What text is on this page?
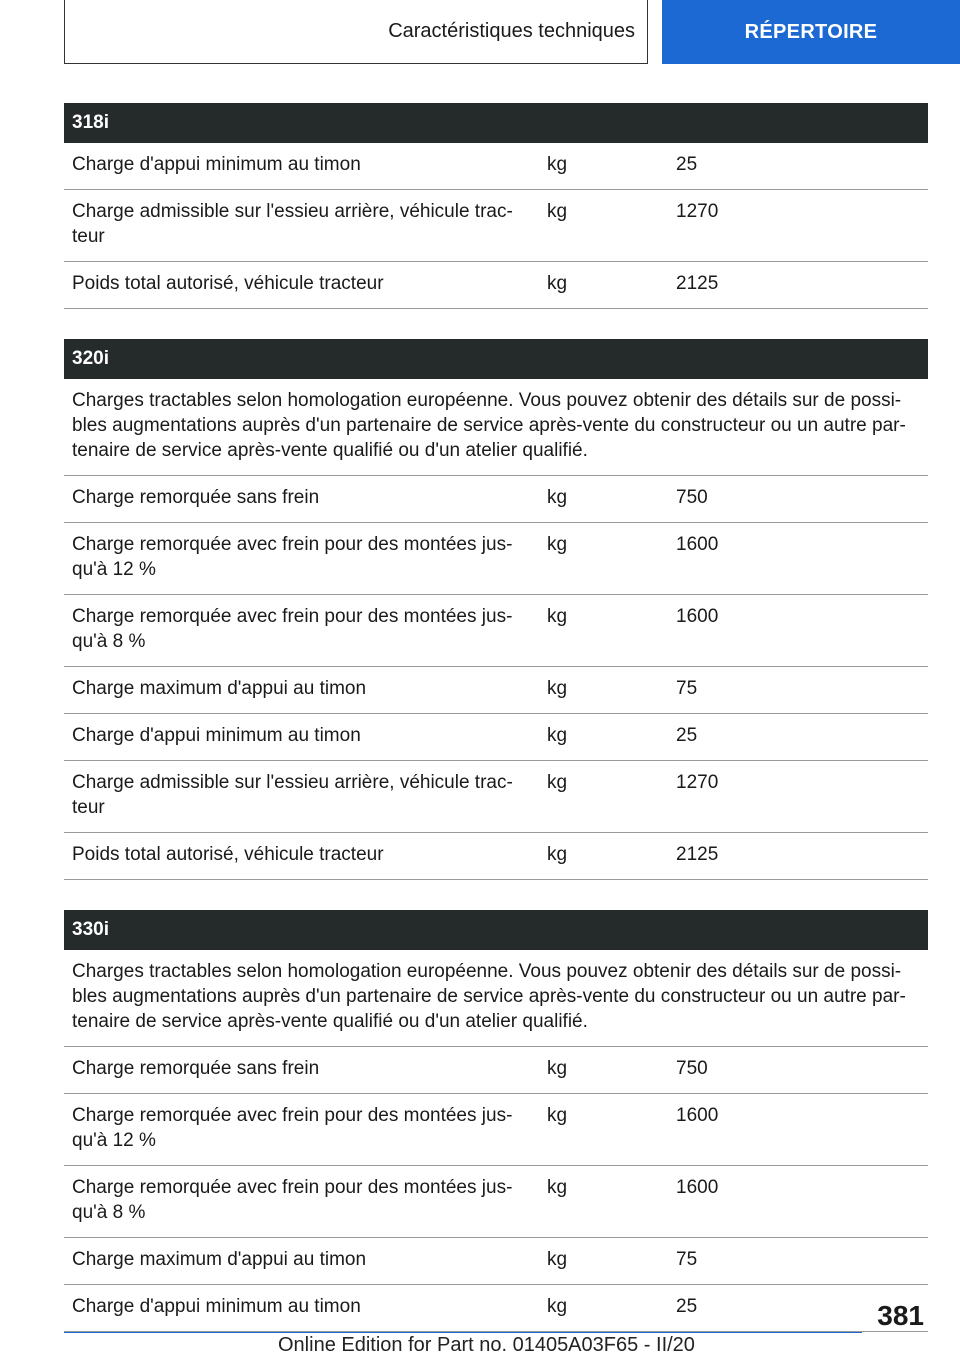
Caractéristiques techniques	RÉPERTOIRE
318i		
Charge d'appui minimum au timon	kg	25
Charge admissible sur l'essieu arrière, véhicule trac‐teur	kg	1270
Poids total autorisé, véhicule tracteur	kg	2125
320i		
Charges tractables selon homologation européenne. Vous pouvez obtenir des détails sur de possi‐bles augmentations auprès d'un partenaire de service après-vente du constructeur ou un autre par‐tenaire de service après-vente qualifié ou d'un atelier qualifié.		
Charge remorquée sans frein	kg	750
Charge remorquée avec frein pour des montées jus‐qu'à 12 %	kg	1600
Charge remorquée avec frein pour des montées jus‐qu'à 8 %	kg	1600
Charge maximum d'appui au timon	kg	75
Charge d'appui minimum au timon	kg	25
Charge admissible sur l'essieu arrière, véhicule trac‐teur	kg	1270
Poids total autorisé, véhicule tracteur	kg	2125
330i		
Charges tractables selon homologation européenne. Vous pouvez obtenir des détails sur de possi‐bles augmentations auprès d'un partenaire de service après-vente du constructeur ou un autre par‐tenaire de service après-vente qualifié ou d'un atelier qualifié.		
Charge remorquée sans frein	kg	750
Charge remorquée avec frein pour des montées jus‐qu'à 12 %	kg	1600
Charge remorquée avec frein pour des montées jus‐qu'à 8 %	kg	1600
Charge maximum d'appui au timon	kg	75
Charge d'appui minimum au timon	kg	25	381
Online Edition for Part no. 01405A03F65 - II/20
